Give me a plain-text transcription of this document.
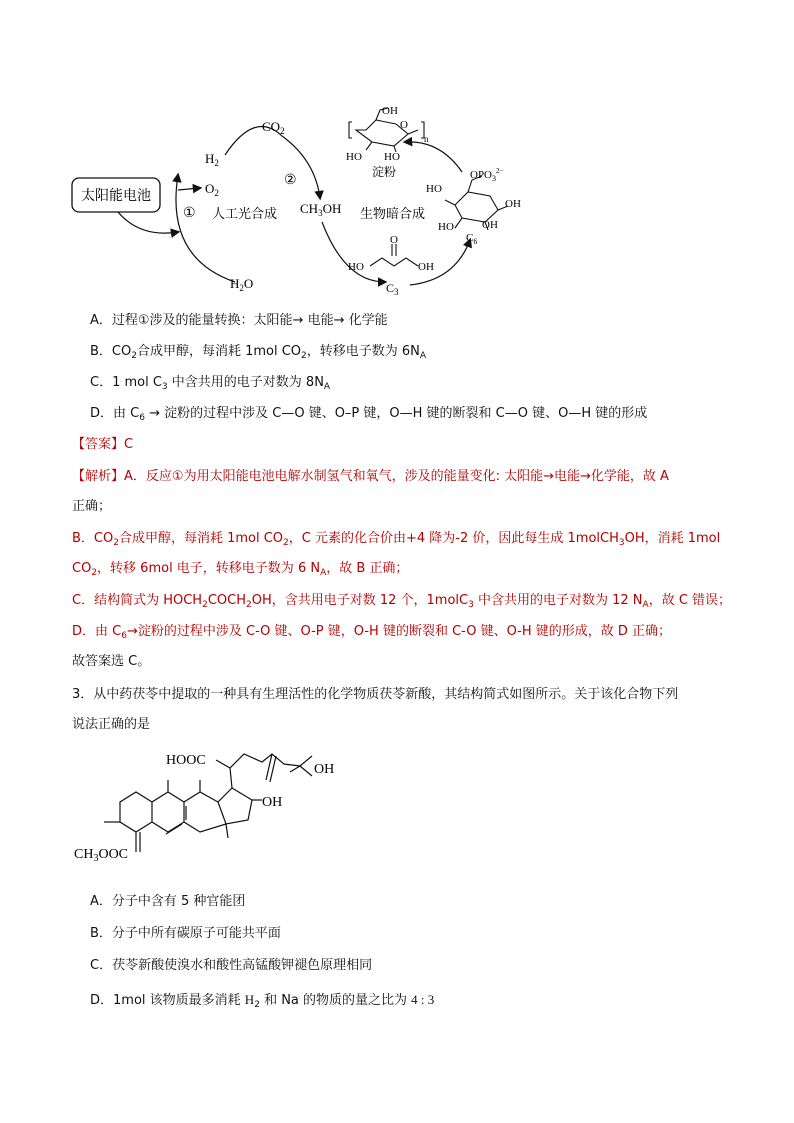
太阳能电池
$H_2$
$O_2$
$H_2O$
① 人工光合成
$CO_2$
②
$CH_3OH$
HO
O
OH
$C_3$
生物暗合成
$OPO_3^{2-}$
HO
HO
OH
OH
$C_6$
OH
O
n
HO HO
淀粉
A．过程①涉及的能量转换：太阳能→ 电能→ 化学能
B．$CO_2$合成甲醇，每消耗 1mol $CO_2$，转移电子数为 $6N_A$
C．1 mol $C_3$ 中含共用的电子对数为 $8N_A$
D．由 $C_6$ → 淀粉的过程中涉及 C—O 键、O–P 键，O—H 键的断裂和 C—O 键、O—H 键的形成
【答案】C
【解析】A．反应①为用太阳能电池电解水制氢气和氧气，涉及的能量变化: 太阳能→电能→化学能，故 A
正确；
B．$CO_2$合成甲醇，每消耗 1mol $CO_2$，C 元素的化合价由+4 降为-2 价，因此每生成 1molCH$_3$OH，消耗 1mol
$CO_2$，转移 6mol 电子，转移电子数为 6 $N_A$，故 B 正确；
C．结构简式为 $HOCH_2COCH_2OH$，含共用电子对数 12 个，1molC$_3$ 中含共用的电子对数为 12 $N_A$，故 C 错误；
D．由 $C_6\to$淀粉的过程中涉及 C-O 键、O-P 键，O-H 键的断裂和 C-O 键、O-H 键的形成，故 D 正确；
故答案选 C。
3．从中药茯苓中提取的一种具有生理活性的化学物质茯苓新酸，其结构简式如图所示。关于该化合物下列
说法正确的是
HOOC
OH
OH
$CH_3OOC$
A．分子中含有 5 种官能团
B．分子中所有碳原子可能共平面
C．茯苓新酸使溴水和酸性高锰酸钾褪色原理相同
D．1mol 该物质最多消耗 $H_2$ 和 Na 的物质的量之比为 4 : 3
